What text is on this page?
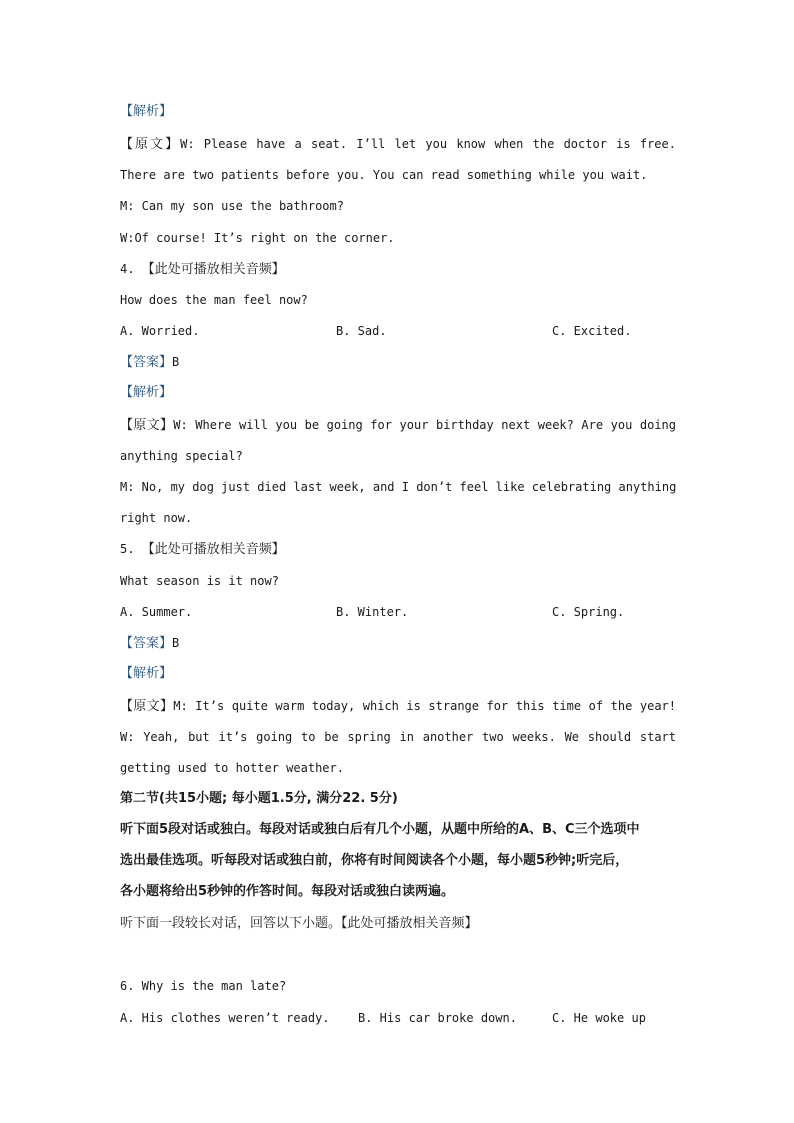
【解析】
【原文】W: Please have a seat. I’ll let you know when the doctor is free.
There are two patients before you. You can read something while you wait.
M: Can my son use the bathroom?
W:Of course! It’s right on the corner.
4. 【此处可播放相关音频】
How does the man feel now?
A. Worried.	B. Sad.	C. Excited.
【答案】B
【解析】
【原文】W: Where will you be going for your birthday next week? Are you doing
anything special?
M: No, my dog just died last week, and I don’t feel like celebrating anything
right now.
5. 【此处可播放相关音频】
What season is it now?
A. Summer.	B. Winter.	C. Spring.
【答案】B
【解析】
【原文】M: It’s quite warm today, which is strange for this time of the year!
W: Yeah, but it’s going to be spring in another two weeks. We should start
getting used to hotter weather.
第二节(共15小题; 每小题1.5分, 满分22. 5分)
听下面5段对话或独白。每段对话或独白后有几个小题，从题中所给的A、B、C三个选项中
选出最佳选项。听每段对话或独白前，你将有时间阅读各个小题，每小题5秒钟;听完后，
各小题将给出5秒钟的作答时间。每段对话或独白读两遍。
听下面一段较长对话，回答以下小题。【此处可播放相关音频】
6. Why is the man late?
A. His clothes weren’t ready. B. His car broke down.	C. He woke up
